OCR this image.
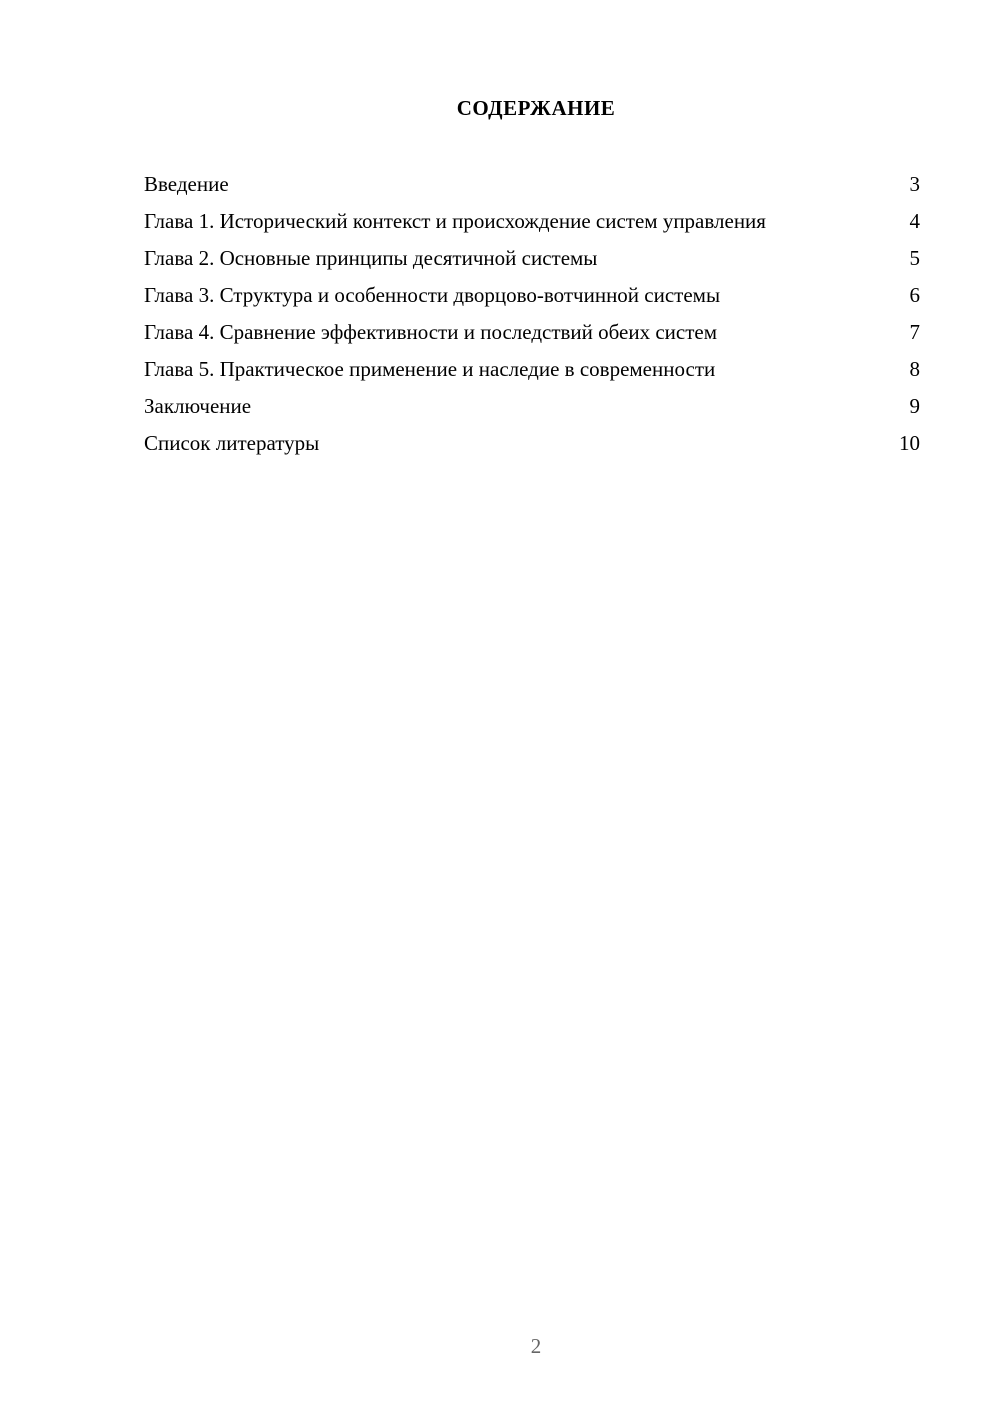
СОДЕРЖАНИЕ
Введение	3
Глава 1. Исторический контекст и происхождение систем управления	4
Глава 2. Основные принципы десятичной системы	5
Глава 3. Структура и особенности дворцово-вотчинной системы	6
Глава 4. Сравнение эффективности и последствий обеих систем	7
Глава 5. Практическое применение и наследие в современности	8
Заключение	9
Список литературы	10
2
